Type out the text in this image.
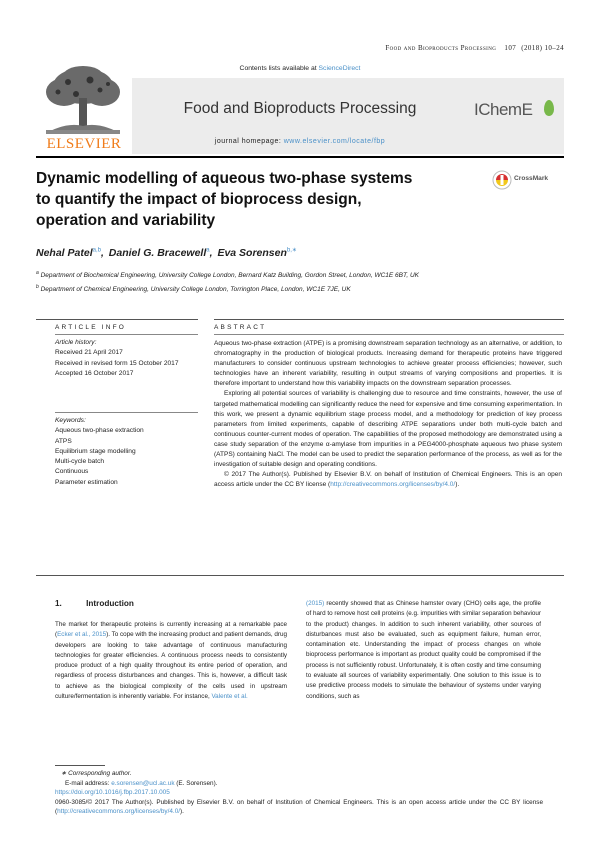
Food and Bioproducts Processing 107 (2018) 10–24
ELSEVIER
Contents lists available at ScienceDirect
Food and Bioproducts Processing
journal homepage: www.elsevier.com/locate/fbp
IChemE
Dynamic modelling of aqueous two-phase systems
to quantify the impact of bioprocess design,
operation and variability
CrossMark
Nehal Patel$^{a,b}$, Daniel G. Bracewell$^a$, Eva Sorensen$^{b,∗}$
$^a$ Department of Biochemical Engineering, University College London, Bernard Katz Building, Gordon Street, London, WC1E 6BT, UK
$^b$ Department of Chemical Engineering, University College London, Torrington Place, London, WC1E 7JE, UK
ARTICLE INFO
Article history:
Received 21 April 2017
Received in revised form 15 October 2017
Accepted 16 October 2017
Keywords:
Aqueous two-phase extraction
ATPS
Equilibrium stage modelling
Multi-cycle batch
Continuous
Parameter estimation
ABSTRACT

Aqueous two-phase extraction (ATPE) is a promising downstream separation technology as an alternative, or addition, to chromatography in the production of biological products. Increasing demand for therapeutic proteins have triggered manufacturers to consider continuous upstream technologies to achieve greater process efficiencies; however, such technologies have an inherent variability, resulting in output streams of varying compositions and properties. It is therefore important to understand how this variability impacts on the downstream separation processes.

Exploring all potential sources of variability is challenging due to resource and time constraints, however, the use of targeted mathematical modelling can significantly reduce the need for expensive and time consuming experimentation. In this work, we present a dynamic equilibrium stage process model, and a methodology for prediction of key process parameters from limited experiments, capable of describing ATPE separations under both multi-cycle batch and continuous counter-current modes of operation. The capabilities of the proposed methodology are demonstrated using a case study separation of the enzyme α-amylase from impurities in a PEG4000-phosphate aqueous two phase system (ATPS) containing NaCl. The model can be used to predict the separation performance of the process, as well as for the investigation of suitable design and operating conditions.

© 2017 The Author(s). Published by Elsevier B.V. on behalf of Institution of Chemical Engineers. This is an open access article under the CC BY license (http://creativecommons.org/licenses/by/4.0/).

1.	Introduction

The market for therapeutic proteins is currently increasing at a remarkable pace (Ecker et al., 2015). To cope with the increasing product and patient demands, drug developers are looking to take advantage of continuous manufacturing technologies for greater efficiencies. A continuous process needs to consistently produce product of a high quality throughout its entire period of operation, and regardless of process disturbances and changes. This is, however, a difficult task to achieve as the biological complexity of the cells used in upstream culture/fermentation is inherently variable. For instance, Valente et al.

(2015) recently showed that as Chinese hamster ovary (CHO) cells age, the profile of hard to remove host cell proteins (e.g. impurities with similar separation behaviour to the product) changes. In addition to such inherent variability, other sources of disturbances must also be evaluated, such as equipment failure, human error, contamination etc. Understanding the impact of process changes on whole bioprocess performance is important as product quality could be compromised if the process is not sufficiently robust. Unfortunately, it is often costly and time consuming to evaluate all sources of variability experimentally. One solution to this issue is to use predictive process models to simulate the behaviour of systems under varying conditions, such as

∗ Corresponding author.
E-mail address: e.sorensen@ucl.ac.uk (E. Sorensen).
https://doi.org/10.1016/j.fbp.2017.10.005
0960-3085/© 2017 The Author(s). Published by Elsevier B.V. on behalf of Institution of Chemical Engineers. This is an open access article under the CC BY license (http://creativecommons.org/licenses/by/4.0/).
